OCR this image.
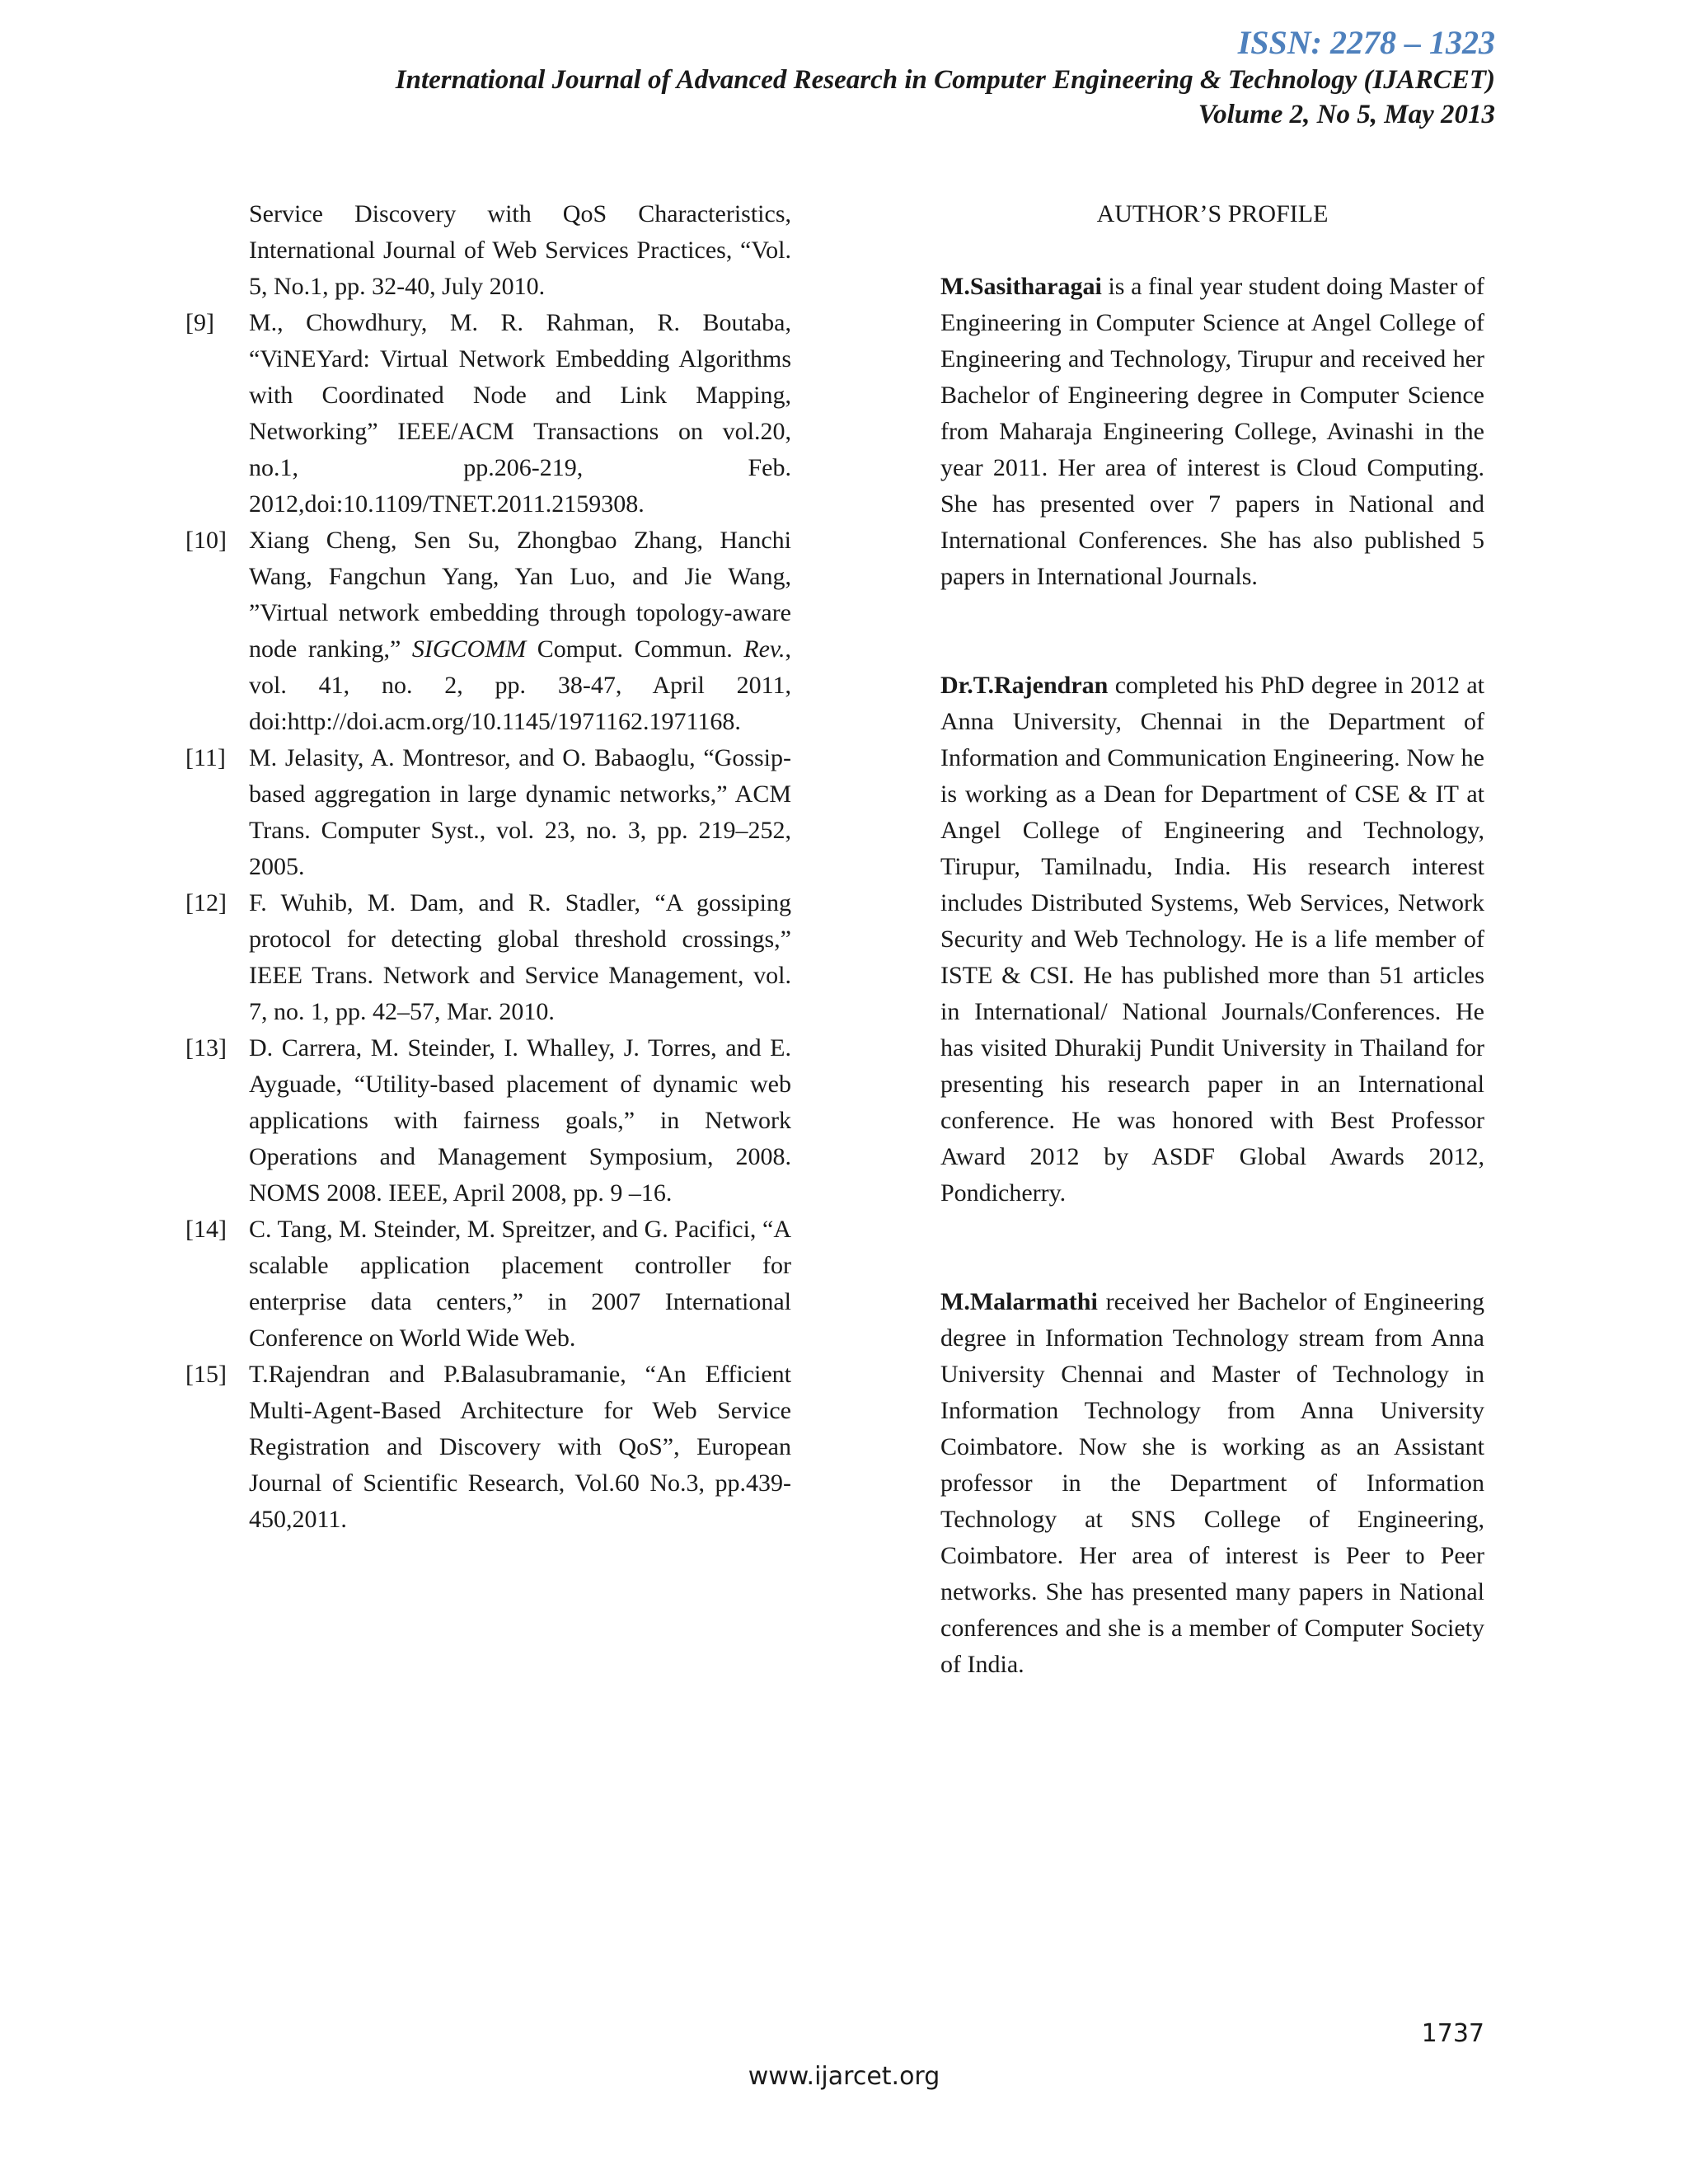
ISSN: 2278 – 1323
International Journal of Advanced Research in Computer Engineering & Technology (IJARCET)
Volume 2, No 5, May 2013
Service Discovery with QoS Characteristics, International Journal of Web Services Practices, “Vol. 5, No.1, pp. 32-40, July 2010.
[9]	M., Chowdhury, M. R. Rahman, R. Boutaba, “ViNEYard: Virtual Network Embedding Algorithms with Coordinated Node and Link Mapping, Networking” IEEE/ACM Transactions on vol.20, no.1, pp.206-219, Feb. 2012,doi:10.1109/TNET.2011.2159308.
[10] Xiang Cheng, Sen Su, Zhongbao Zhang, Hanchi Wang, Fangchun Yang, Yan Luo, and Jie Wang, ”Virtual network embedding through topology-aware node ranking,” SIGCOMM Comput. Commun. Rev., vol. 41, no. 2, pp. 38-47, April 2011, doi:http://doi.acm.org/10.1145/1971162.1971168.
[11] M. Jelasity, A. Montresor, and O. Babaoglu, “Gossip-based aggregation in large dynamic networks,” ACM Trans. Computer Syst., vol. 23, no. 3, pp. 219–252, 2005.
[12] F. Wuhib, M. Dam, and R. Stadler, “A gossiping protocol for detecting global threshold crossings,” IEEE Trans. Network and Service Management, vol. 7, no. 1, pp. 42–57, Mar. 2010.
[13] D. Carrera, M. Steinder, I. Whalley, J. Torres, and E. Ayguade, “Utility-based placement of dynamic web applications with fairness goals,” in Network Operations and Management Symposium, 2008. NOMS 2008. IEEE, April 2008, pp. 9 –16.
[14] C. Tang, M. Steinder, M. Spreitzer, and G. Pacifici, “A scalable application placement controller for enterprise data centers,” in 2007 International Conference on World Wide Web.
[15] T.Rajendran and P.Balasubramanie, “An Efficient Multi-Agent-Based Architecture for Web Service Registration and Discovery with QoS”, European Journal of Scientific Research, Vol.60 No.3, pp.439-450,2011.
AUTHOR’S PROFILE
M.Sasitharagai is a final year student doing Master of Engineering in Computer Science at Angel College of Engineering and Technology, Tirupur and received her Bachelor of Engineering degree in Computer Science from Maharaja Engineering College, Avinashi in the year 2011. Her area of interest is Cloud Computing. She has presented over 7 papers in National and International Conferences. She has also published 5 papers in International Journals.
Dr.T.Rajendran completed his PhD degree in 2012 at Anna University, Chennai in the Department of Information and Communication Engineering. Now he is working as a Dean for Department of CSE & IT at Angel College of Engineering and Technology, Tirupur, Tamilnadu, India. His research interest includes Distributed Systems, Web Services, Network Security and Web Technology. He is a life member of ISTE & CSI. He has published more than 51 articles in International/ National Journals/Conferences. He has visited Dhurakij Pundit University in Thailand for presenting his research paper in an International conference. He was honored with Best Professor Award 2012 by ASDF Global Awards 2012, Pondicherry.
M.Malarmathi received her Bachelor of Engineering degree in Information Technology stream from Anna University Chennai and Master of Technology in Information Technology from Anna University Coimbatore. Now she is working as an Assistant professor in the Department of Information Technology at SNS College of Engineering, Coimbatore. Her area of interest is Peer to Peer networks. She has presented many papers in National conferences and she is a member of Computer Society of India.
1737
www.ijarcet.org
